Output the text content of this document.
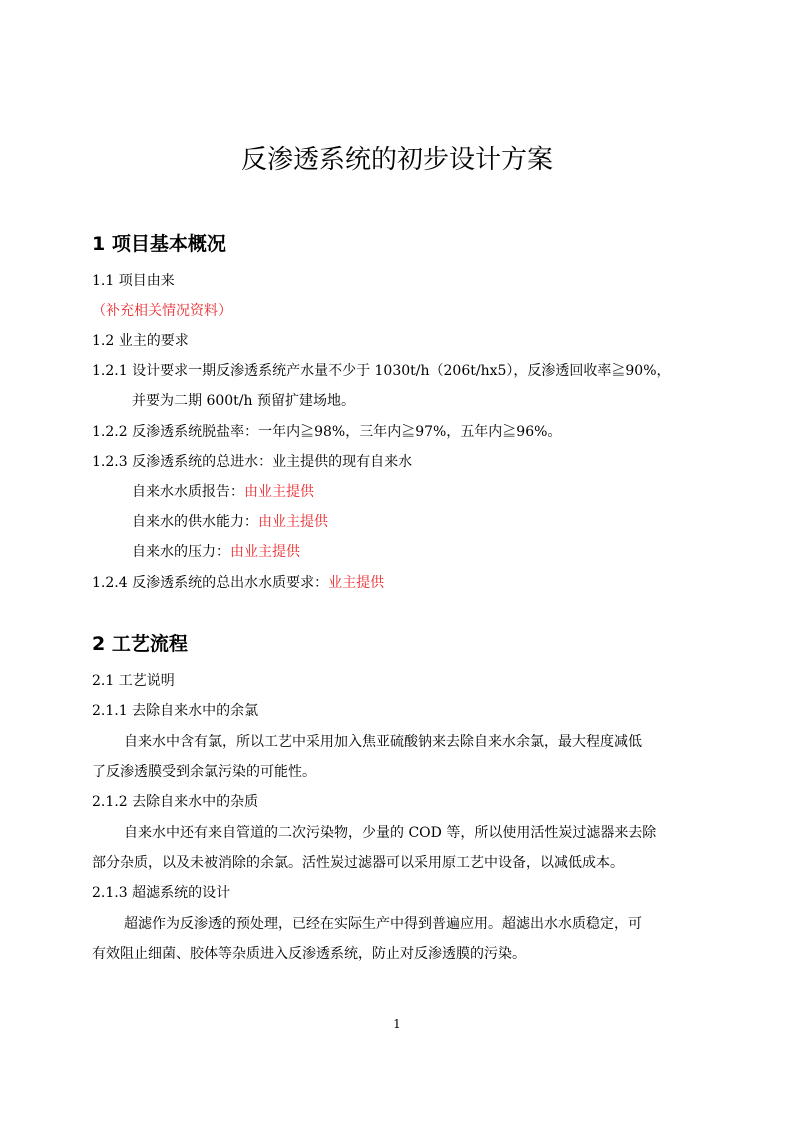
反渗透系统的初步设计方案
1 项目基本概况
1.1 项目由来
（补充相关情况资料）
1.2 业主的要求
1.2.1 设计要求一期反渗透系统产水量不少于 1030t/h（206t/hx5），反渗透回收率≧90%，
并要为二期 600t/h 预留扩建场地。
1.2.2 反渗透系统脱盐率：一年内≧98%，三年内≧97%，五年内≧96%。
1.2.3 反渗透系统的总进水：业主提供的现有自来水
自来水水质报告：由业主提供
自来水的供水能力：由业主提供
自来水的压力：由业主提供
1.2.4 反渗透系统的总出水水质要求：业主提供
2 工艺流程
2.1 工艺说明
2.1.1 去除自来水中的余氯
自来水中含有氯，所以工艺中采用加入焦亚硫酸钠来去除自来水余氯，最大程度减低
了反渗透膜受到余氯污染的可能性。
2.1.2 去除自来水中的杂质
自来水中还有来自管道的二次污染物，少量的 COD 等，所以使用活性炭过滤器来去除
部分杂质，以及未被消除的余氯。活性炭过滤器可以采用原工艺中设备，以减低成本。
2.1.3 超滤系统的设计
超滤作为反渗透的预处理，已经在实际生产中得到普遍应用。超滤出水水质稳定，可
有效阻止细菌、胶体等杂质进入反渗透系统，防止对反渗透膜的污染。
1
